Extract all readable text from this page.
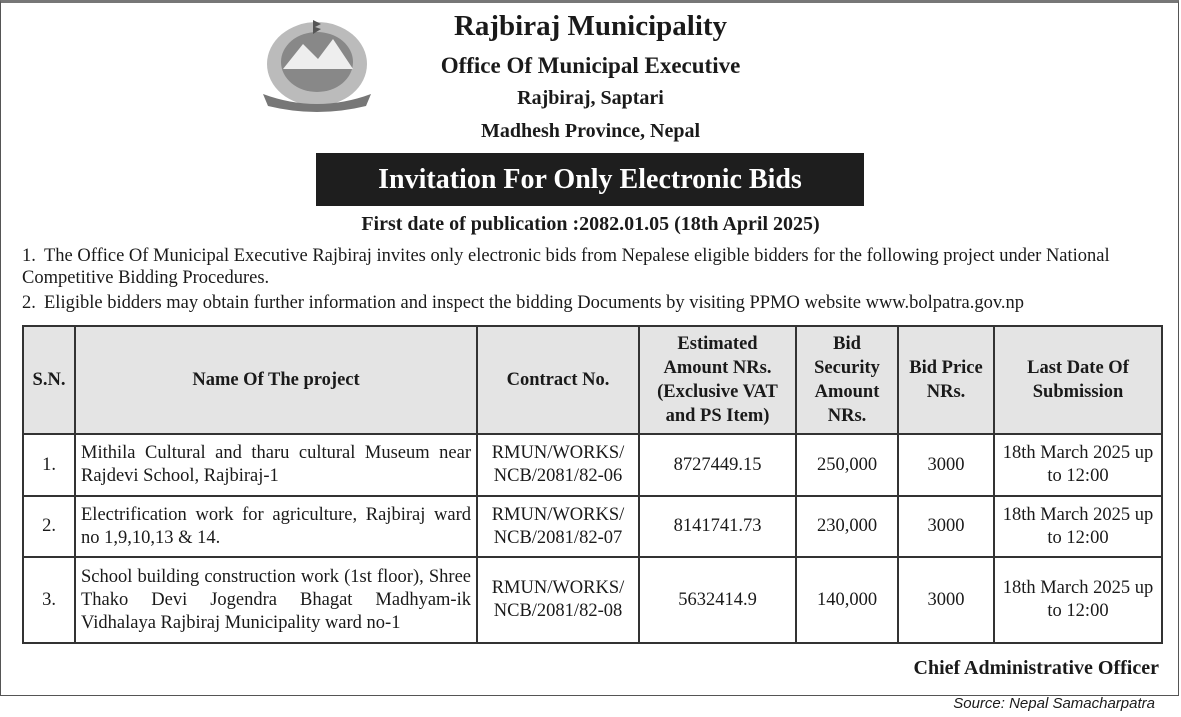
Rajbiraj Municipality
Office Of Municipal Executive
Rajbiraj, Saptari
Madhesh Province, Nepal
Invitation For Only Electronic Bids
First date of publication :2082.01.05 (18th April 2025)
1. The Office Of Municipal Executive Rajbiraj invites only electronic bids from Nepalese eligible bidders for the following project under National Competitive Bidding Procedures.
2. Eligible bidders may obtain further information and inspect the bidding Documents by visiting PPMO website www.bolpatra.gov.np
S.N.	Name Of The project	Contract No.	Estimated Amount NRs. (Exclusive VAT and PS Item)	Bid Security Amount NRs.	Bid Price NRs.	Last Date Of Submission
1.	Mithila Cultural and tharu cultural Museum near Rajdevi School, Rajbiraj-1	RMUN/WORKS/ NCB/2081/82-06	8727449.15	250,000	3000	18th March 2025 up to 12:00
2.	Electrification work for agriculture, Rajbiraj ward no 1,9,10,13 & 14.	RMUN/WORKS/ NCB/2081/82-07	8141741.73	230,000	3000	18th March 2025 up to 12:00
3.	School building construction work (1st floor), Shree Thako Devi Jogendra Bhagat Madhyam-ik Vidhalaya Rajbiraj Municipality ward no-1	RMUN/WORKS/ NCB/2081/82-08	5632414.9	140,000	3000	18th March 2025 up to 12:00
Chief Administrative Officer
Source: Nepal Samacharpatra
